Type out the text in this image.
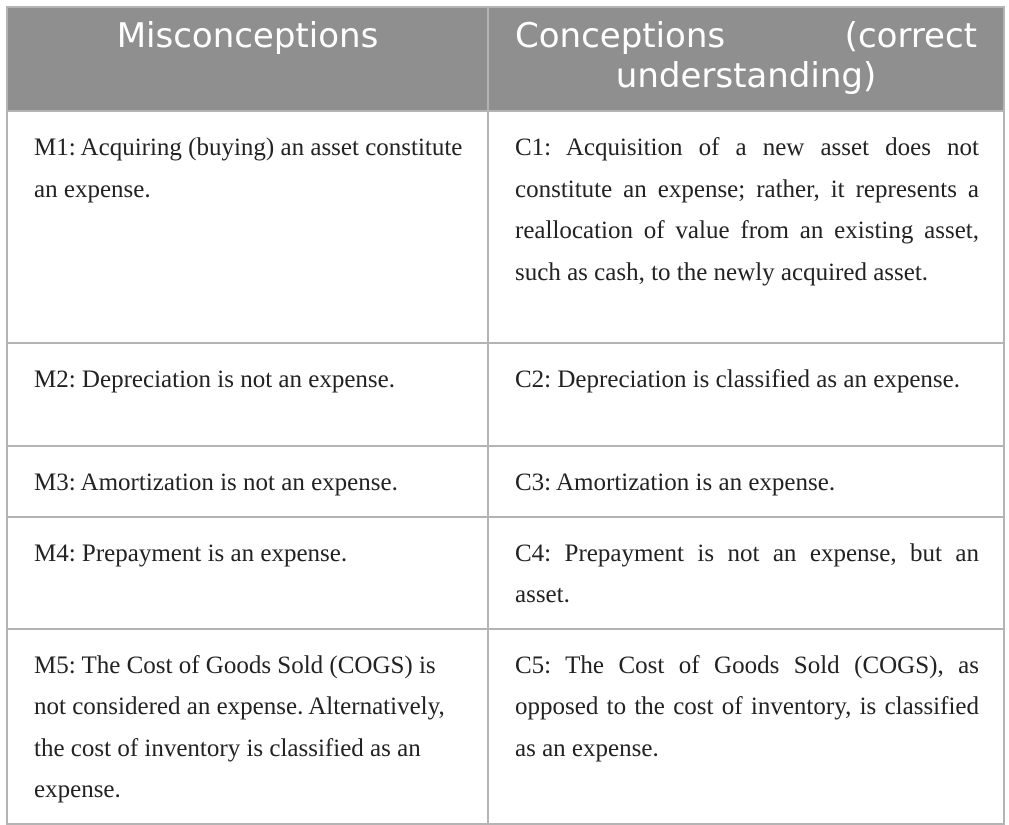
Misconceptions	Conceptions (correct understanding)
M1: Acquiring (buying) an asset constitute an expense.	C1: Acquisition of a new asset does not constitute an expense; rather, it represents a reallocation of value from an existing asset, such as cash, to the newly acquired asset.
M2: Depreciation is not an expense.	C2: Depreciation is classified as an expense.
M3: Amortization is not an expense.	C3: Amortization is an expense.
M4: Prepayment is an expense.	C4: Prepayment is not an expense, but an asset.
M5: The Cost of Goods Sold (COGS) is not considered an expense. Alternatively, the cost of inventory is classified as an expense.	C5: The Cost of Goods Sold (COGS), as opposed to the cost of inventory, is classified as an expense.
